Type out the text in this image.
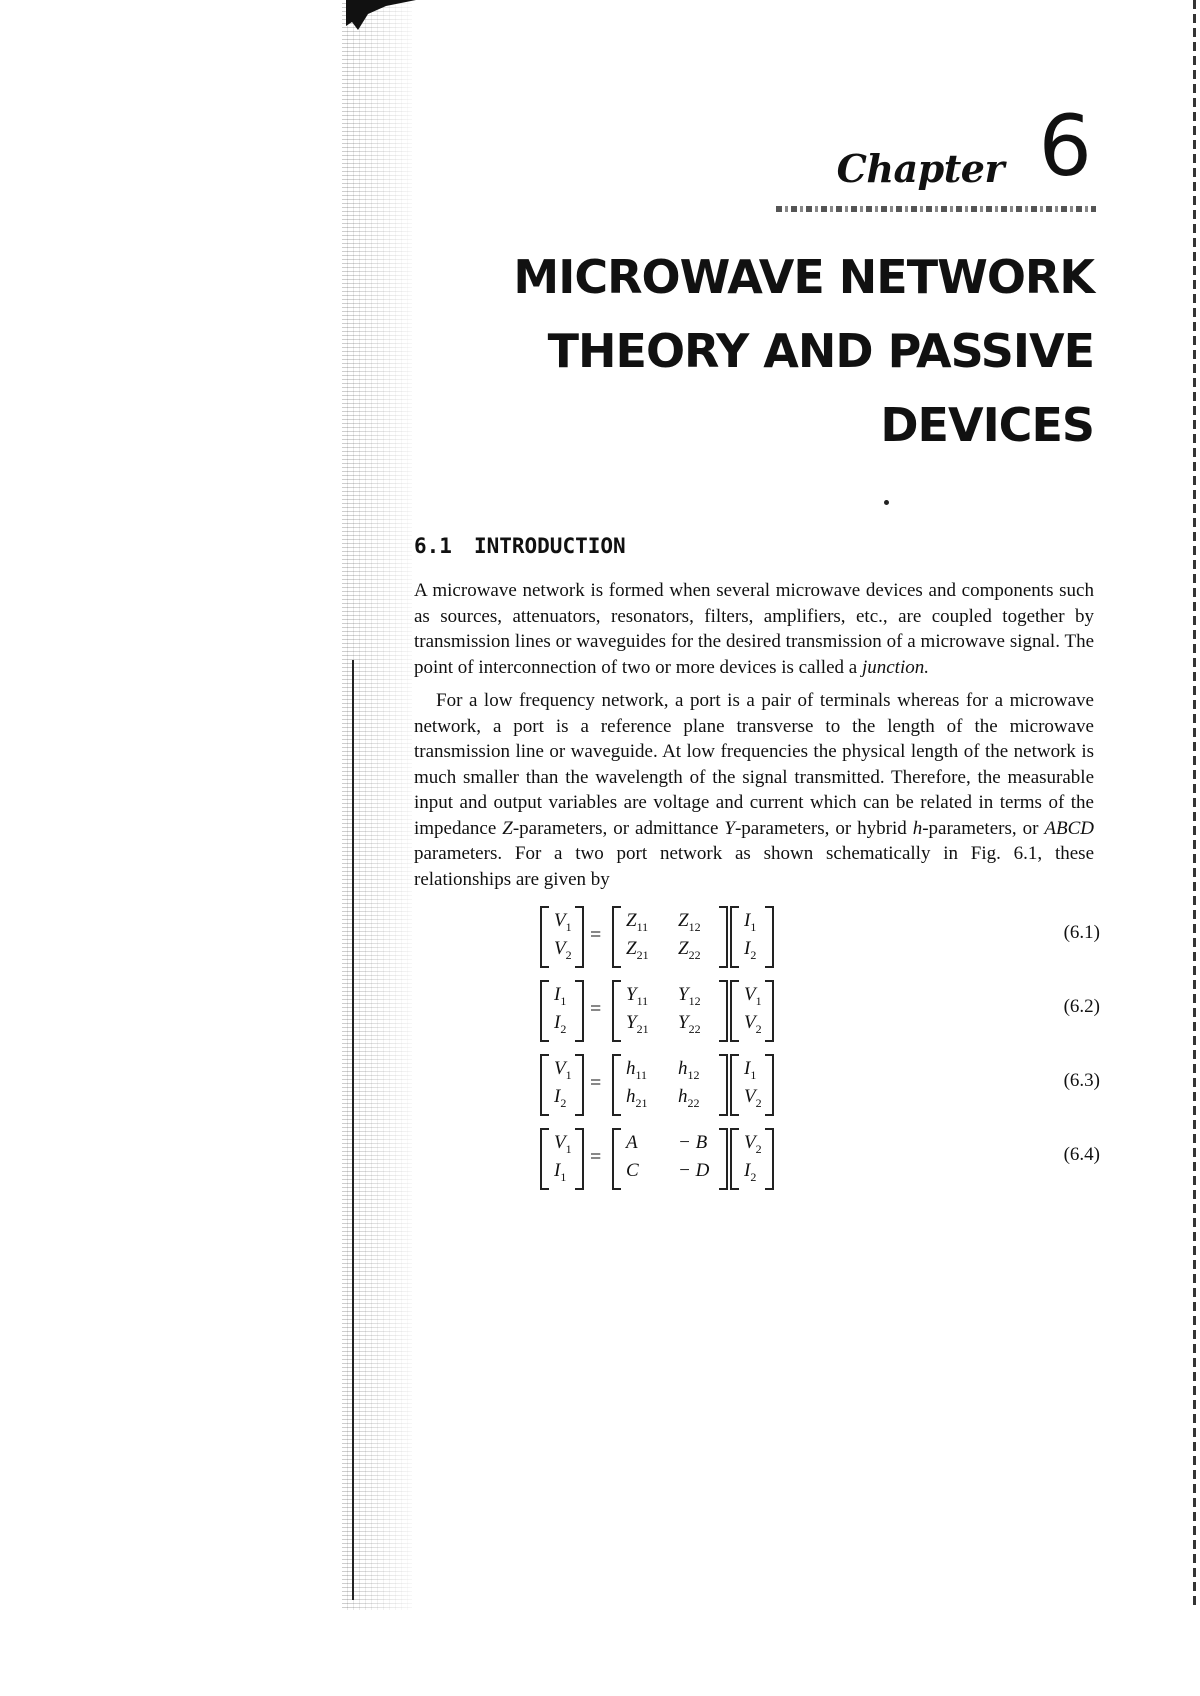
Chapter 6
MICROWAVE NETWORK
THEORY AND PASSIVE
DEVICES
6.1 INTRODUCTION

A microwave network is formed when several microwave devices and components such as sources, attenuators, resonators, filters, amplifiers, etc., are coupled together by transmission lines or waveguides for the desired transmission of a microwave signal. The point of interconnection of two or more devices is called a junction.

For a low frequency network, a port is a pair of terminals whereas for a microwave network, a port is a reference plane transverse to the length of the microwave transmission line or waveguide. At low frequencies the physical length of the network is much smaller than the wavelength of the signal transmitted. Therefore, the measurable input and output variables are voltage and current which can be related in terms of the impedance Z-parameters, or admittance Y-parameters, or hybrid h-parameters, or ABCD parameters. For a two port network as shown schematically in Fig. 6.1, these relationships are given by

$V_1$
$V_2$
=
$Z_{11}$ $Z_{12}$
$Z_{21}$ $Z_{22}$
$I_1$
$I_2$
(6.1)
$I_1$
$I_2$
=
$Y_{11}$ $Y_{12}$
$Y_{21}$ $Y_{22}$
$V_1$
$V_2$
(6.2)
$V_1$
$I_2$
=
$h_{11}$ $h_{12}$
$h_{21}$ $h_{22}$
$I_1$
$V_2$
(6.3)
$V_1$
$I_1$
=
A − B
C − D
$V_2$
$I_2$
(6.4)
